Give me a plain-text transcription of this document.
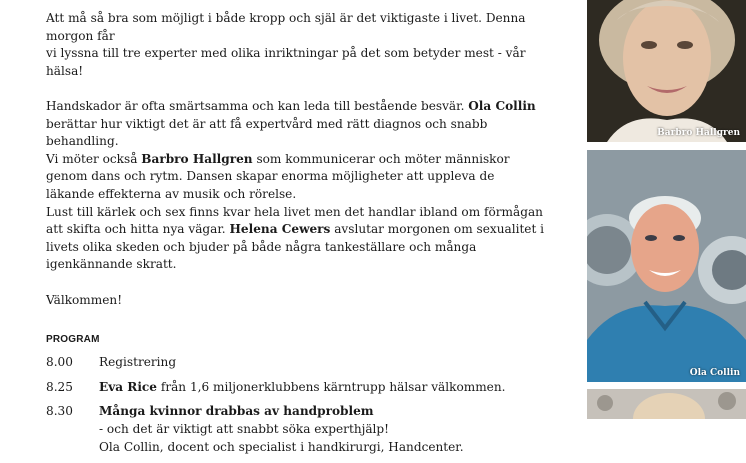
Att må så bra som möjligt i både kropp och själ är det viktigaste i livet. Denna morgon får
vi lyssna till tre experter med olika inriktningar på det som betyder mest - vår hälsa!

Handskador är ofta smärtsamma och kan leda till bestående besvär. Ola Collin berättar hur viktigt det är att få expertvård med rätt diagnos och snabb behandling.

Vi möter också Barbro Hallgren som kommunicerar och möter människor genom dans och rytm. Dansen skapar enorma möjligheter att uppleva de läkande effekterna av musik och rörelse.

Lust till kärlek och sex finns kvar hela livet men det handlar ibland om förmågan att skifta och hitta nya vägar. Helena Cewers avslutar morgonen om sexualitet i livets olika skeden och bjuder på både några tankeställare och många igenkännande skratt.

Välkommen!

PROGRAM
8.00	Registrering
8.25	Eva Rice från 1,6 miljonerklubbens kärntrupp hälsar välkommen.
8.30	Många kvinnor drabbas av handproblem
- och det är viktigt att snabbt söka experthjälp!
Ola Collin, docent och specialist i handkirurgi, Handcenter.
Barbro Hallgren
Ola Collin
